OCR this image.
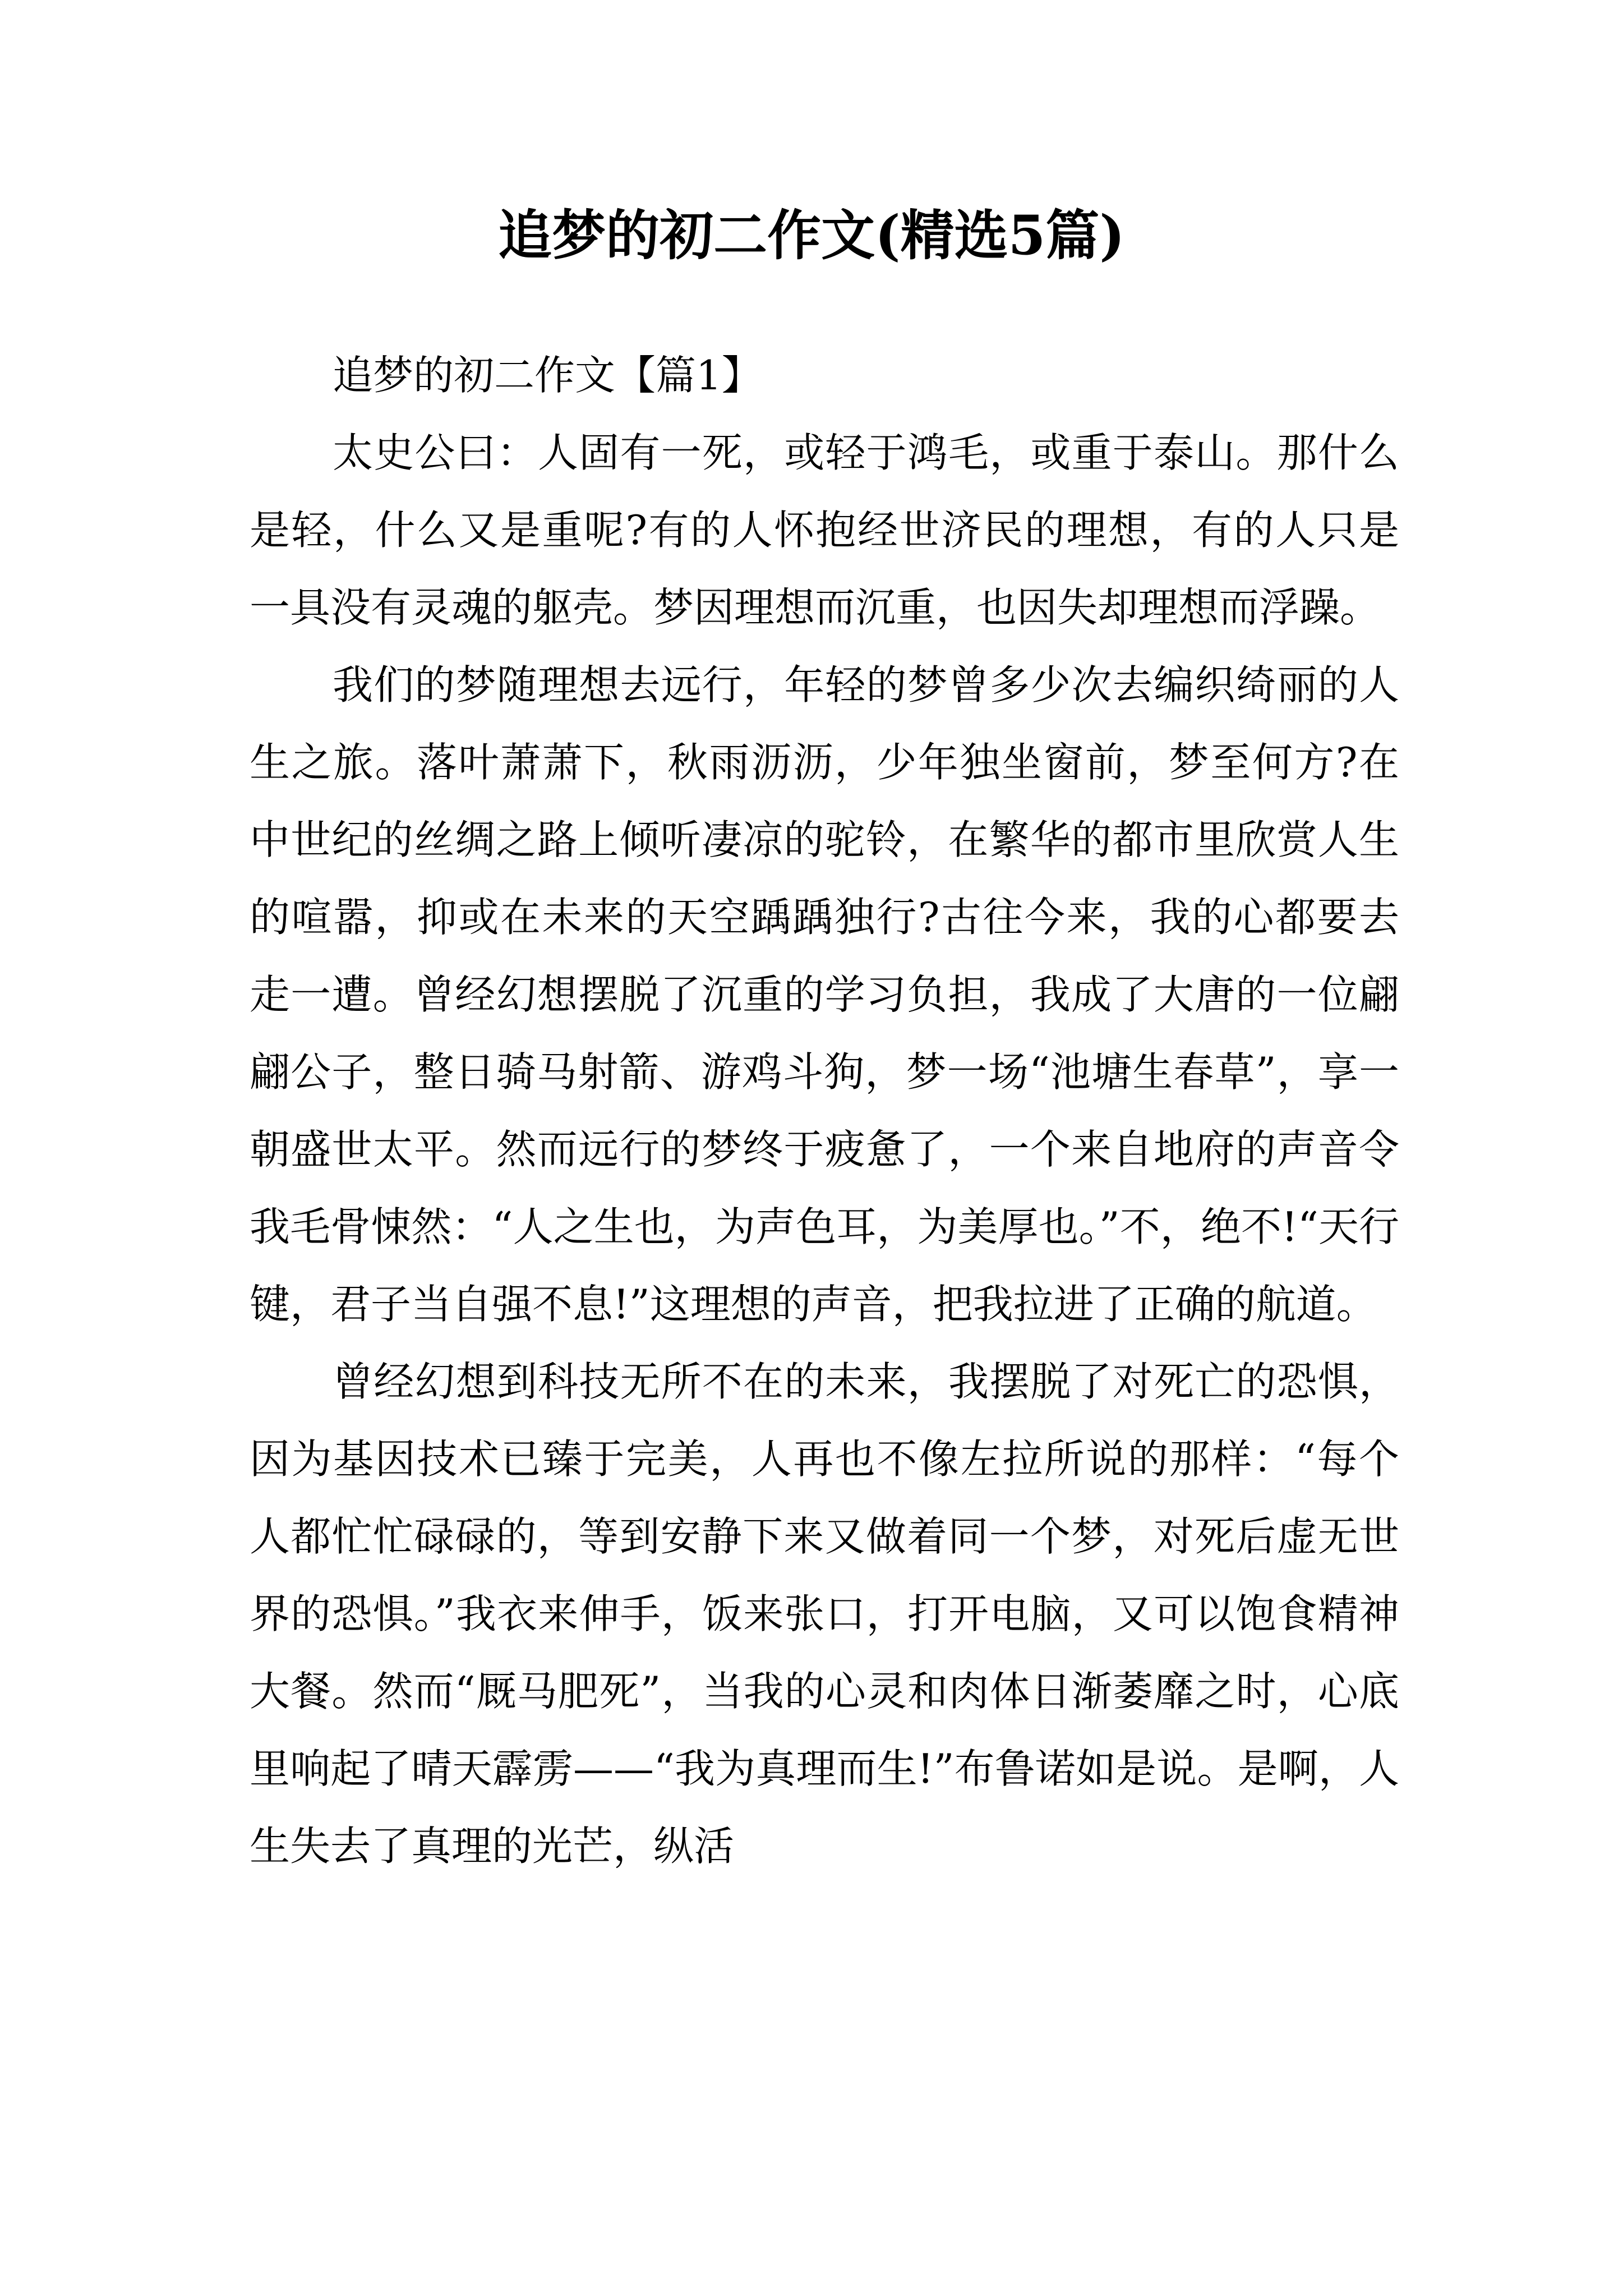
追梦的初二作文(精选5篇)

追梦的初二作文【篇1】

太史公曰：人固有一死，或轻于鸿毛，或重于泰山。那什么是轻，什么又是重呢?有的人怀抱经世济民的理想，有的人只是一具没有灵魂的躯壳。梦因理想而沉重，也因失却理想而浮躁。

我们的梦随理想去远行，年轻的梦曾多少次去编织绮丽的人生之旅。落叶萧萧下，秋雨沥沥，少年独坐窗前，梦至何方?在中世纪的丝绸之路上倾听凄凉的驼铃，在繁华的都市里欣赏人生的喧嚣，抑或在未来的天空踽踽独行?古往今来，我的心都要去走一遭。曾经幻想摆脱了沉重的学习负担，我成了大唐的一位翩翩公子，整日骑马射箭、游鸡斗狗，梦一场“池塘生春草”，享一朝盛世太平。然而远行的梦终于疲惫了，一个来自地府的声音令我毛骨悚然：“人之生也，为声色耳，为美厚也。”不，绝不!“天行键，君子当自强不息!”这理想的声音，把我拉进了正确的航道。

曾经幻想到科技无所不在的未来，我摆脱了对死亡的恐惧，因为基因技术已臻于完美，人再也不像左拉所说的那样：“每个人都忙忙碌碌的，等到安静下来又做着同一个梦，对死后虚无世界的恐惧。”我衣来伸手，饭来张口，打开电脑，又可以饱食精神大餐。然而“厩马肥死”，当我的心灵和肉体日渐萎靡之时，心底里响起了晴天霹雳——“我为真理而生!”布鲁诺如是说。是啊，人生失去了真理的光芒，纵活
